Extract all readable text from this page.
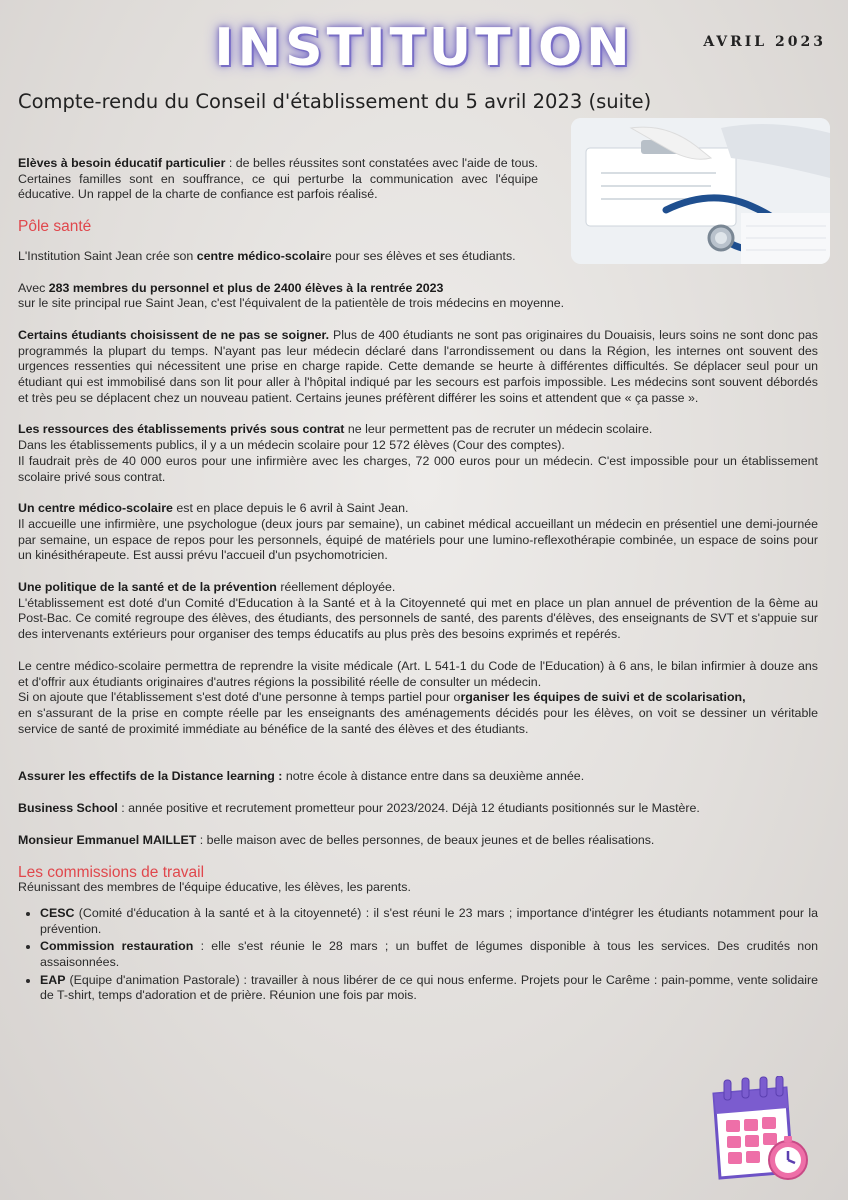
INSTITUTION	AVRIL 2023
Compte-rendu du Conseil d'établissement du 5 avril 2023 (suite)

Elèves à besoin éducatif particulier : de belles réussites sont constatées avec l'aide de tous. Certaines familles sont en souffrance, ce qui perturbe la communication avec l'équipe éducative. Un rappel de la charte de confiance est parfois réalisé.

Pôle santé

L'Institution Saint Jean crée son centre médico-scolaire pour ses élèves et ses étudiants.

Avec 283 membres du personnel et plus de 2400 élèves à la rentrée 2023
sur le site principal rue Saint Jean, c'est l'équivalent de la patientèle de trois médecins en moyenne.

Certains étudiants choisissent de ne pas se soigner. Plus de 400 étudiants ne sont pas originaires du Douaisis, leurs soins ne sont donc pas programmés la plupart du temps. N'ayant pas leur médecin déclaré dans l'arrondissement ou dans la Région, les internes ont souvent des urgences ressenties qui nécessitent une prise en charge rapide. Cette demande se heurte à différentes difficultés. Se déplacer seul pour un étudiant qui est immobilisé dans son lit pour aller à l'hôpital indiqué par les secours est parfois impossible. Les médecins sont souvent débordés et très peu se déplacent chez un nouveau patient. Certains jeunes préfèrent différer les soins et attendent que « ça passe ».

Les ressources des établissements privés sous contrat ne leur permettent pas de recruter un médecin scolaire.
Dans les établissements publics, il y a un médecin scolaire pour 12 572 élèves (Cour des comptes).
Il faudrait près de 40 000 euros pour une infirmière avec les charges, 72 000 euros pour un médecin. C'est impossible pour un établissement scolaire privé sous contrat.

Un centre médico-scolaire est en place depuis le 6 avril à Saint Jean.
Il accueille une infirmière, une psychologue (deux jours par semaine), un cabinet médical accueillant un médecin en présentiel une demi-journée par semaine, un espace de repos pour les personnels, équipé de matériels pour une lumino-reflexothérapie combinée, un espace de soins pour un kinésithérapeute. Est aussi prévu l'accueil d'un psychomotricien.

Une politique de la santé et de la prévention réellement déployée.
L'établissement est doté d'un Comité d'Education à la Santé et à la Citoyenneté qui met en place un plan annuel de prévention de la 6ème au Post-Bac. Ce comité regroupe des élèves, des étudiants, des personnels de santé, des parents d'élèves, des enseignants de SVT et s'appuie sur des intervenants extérieurs pour organiser des temps éducatifs au plus près des besoins exprimés et repérés.

Le centre médico-scolaire permettra de reprendre la visite médicale (Art. L 541-1 du Code de l'Education) à 6 ans, le bilan infirmier à douze ans et d'offrir aux étudiants originaires d'autres régions la possibilité réelle de consulter un médecin.
Si on ajoute que l'établissement s'est doté d'une personne à temps partiel pour organiser les équipes de suivi et de scolarisation,
en s'assurant de la prise en compte réelle par les enseignants des aménagements décidés pour les élèves, on voit se dessiner un véritable service de santé de proximité immédiate au bénéfice de la santé des élèves et des étudiants.

Assurer les effectifs de la Distance learning : notre école à distance entre dans sa deuxième année.

Business School : année positive et recrutement prometteur pour 2023/2024. Déjà 12 étudiants positionnés sur le Mastère.

Monsieur Emmanuel MAILLET : belle maison avec de belles personnes, de beaux jeunes et de belles réalisations.

Les commissions de travail
Réunissant des membres de l'équipe éducative, les élèves, les parents.
• CESC (Comité d'éducation à la santé et à la citoyenneté) : il s'est réuni le 23 mars ; importance d'intégrer les étudiants notamment pour la prévention.
• Commission restauration : elle s'est réunie le 28 mars ; un buffet de légumes disponible à tous les services. Des crudités non assaisonnées.
• EAP (Equipe d'animation Pastorale) : travailler à nous libérer de ce qui nous enferme. Projets pour le Carême : pain-pomme, vente solidaire de T-shirt, temps d'adoration et de prière. Réunion une fois par mois.
